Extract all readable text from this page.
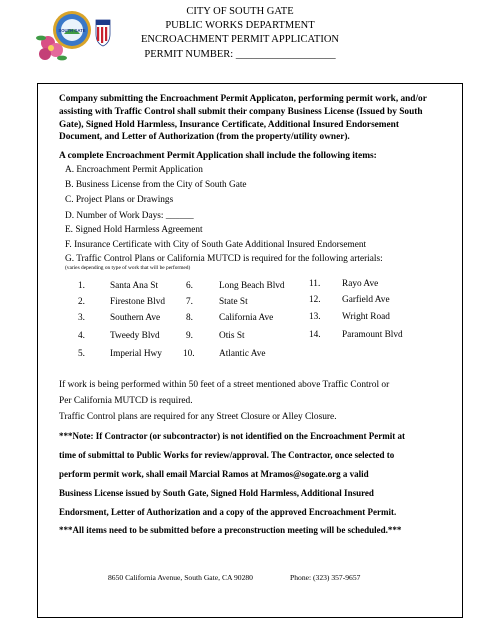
SOUTH GATE
CITY OF SOUTH GATE
PUBLIC WORKS DEPARTMENT
ENCROACHMENT PERMIT APPLICATION
PERMIT NUMBER: ___________________
Company submitting the Encroachment Permit Applicaton, performing permit work, and/or assisting with Traffic Control shall submit their company Business License (Issued by South Gate), Signed Hold Harmless, Insurance Certificate, Additional Insured Endorsement Document, and Letter of Authorization (from the property/utility owner).
A complete Encroachment Permit Application shall include the following items:
A. Encroachment Permit Application
B. Business License from the City of South Gate
C. Project Plans or Drawings
D. Number of Work Days: ______
E. Signed Hold Harmless Agreement
F. Insurance Certificate with City of South Gate Additional Insured Endorsement
G. Traffic Control Plans or California MUTCD is required for the following arterials:
(varies depending on type of work that will be performed)
1.	Santa Ana St
2.	Firestone Blvd
3.	Southern Ave
4.	Tweedy Blvd
5.	Imperial Hwy
6.	Long Beach Blvd
7.	State St
8.	California Ave
9.	Otis St
10.	Atlantic Ave
11. Rayo Ave
12. Garfield Ave
13. Wright Road
14. Paramount Blvd
If work is being performed within 50 feet of a street mentioned above Traffic Control or
Per California MUTCD is required.
Traffic Control plans are required for any Street Closure or Alley Closure.
***Note: If Contractor (or subcontractor) is not identified on the Encroachment Permit at
time of submittal to Public Works for review/approval. The Contractor, once selected to
perform permit work, shall email Marcial Ramos at Mramos@sogate.org a valid
Business License issued by South Gate, Signed Hold Harmless, Additional Insured
Endorsment, Letter of Authorization and a copy of the approved Encroachment Permit.
***All items need to be submitted before a preconstruction meeting will be scheduled.***
8650 California Avenue, South Gate, CA 90280	Phone: (323) 357-9657
